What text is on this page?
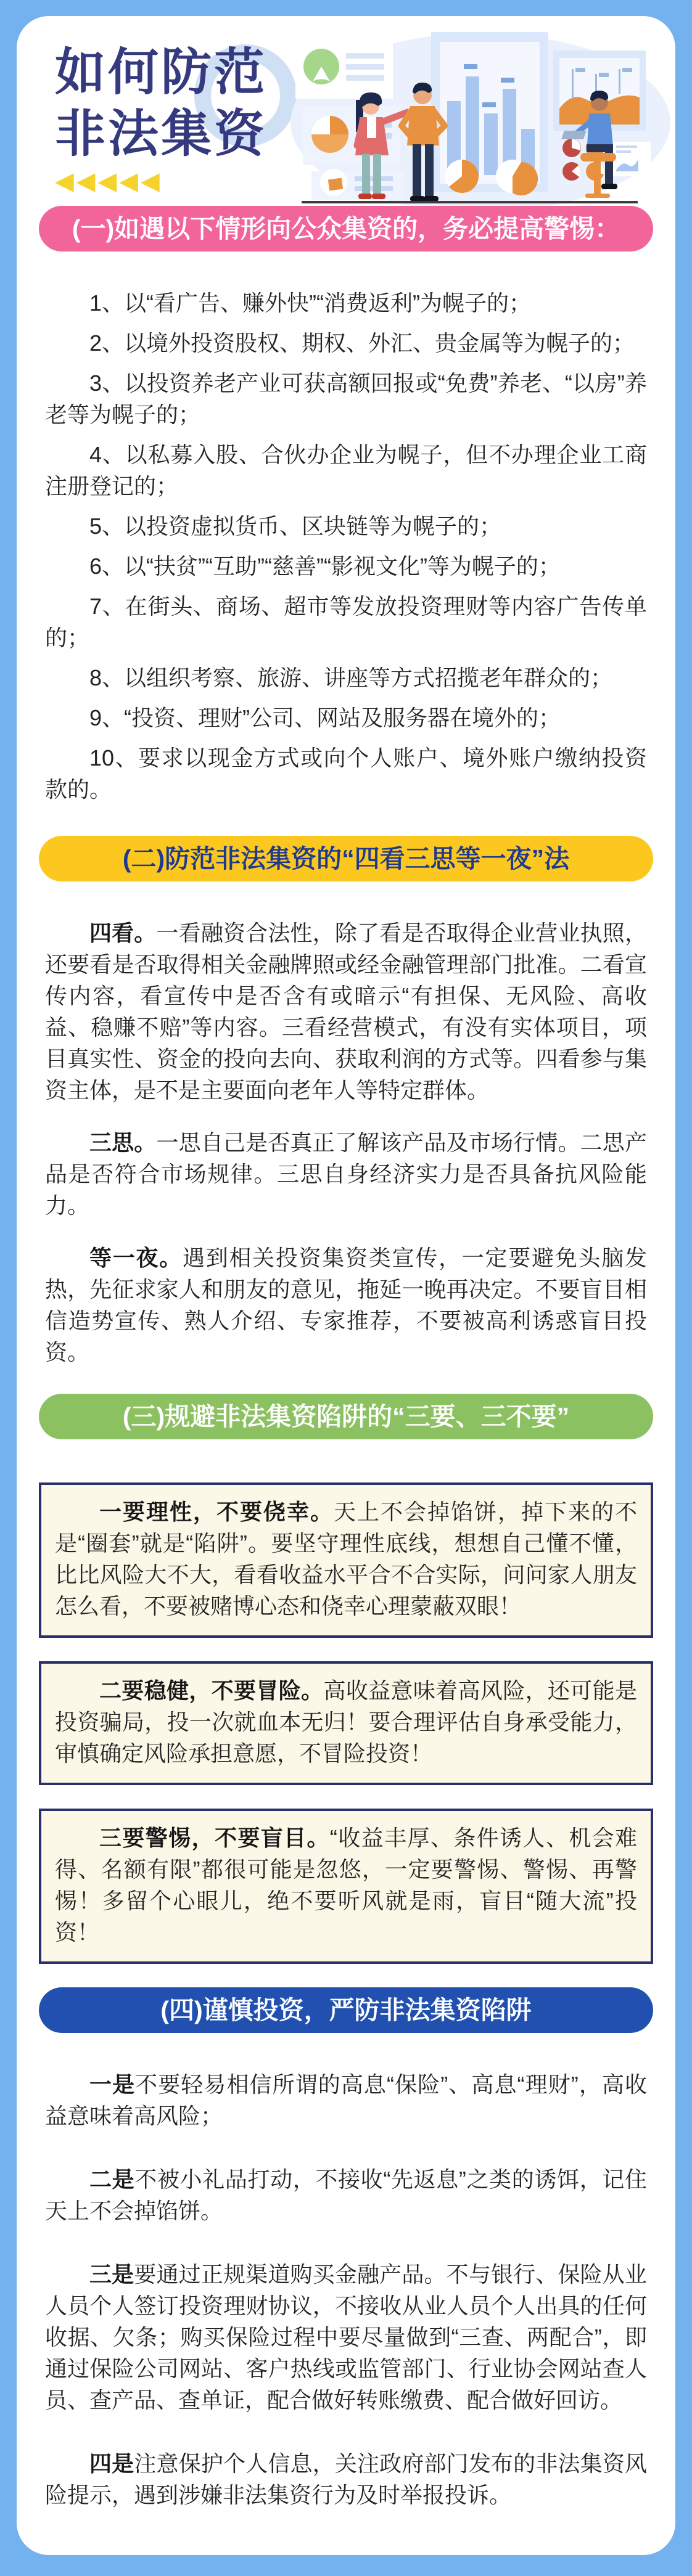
如何防范
非法集资
◀◀◀◀◀
(一)如遇以下情形向公众集资的，务必提高警惕：

1、以“看广告、赚外快”“消费返利”为幌子的；

2、以境外投资股权、期权、外汇、贵金属等为幌子的；

3、以投资养老产业可获高额回报或“免费”养老、“以房”养老等为幌子的；

4、以私募入股、合伙办企业为幌子，但不办理企业工商注册登记的；

5、以投资虚拟货币、区块链等为幌子的；

6、以“扶贫”“互助”“慈善”“影视文化”等为幌子的；

7、在街头、商场、超市等发放投资理财等内容广告传单的；

8、以组织考察、旅游、讲座等方式招揽老年群众的；

9、“投资、理财”公司、网站及服务器在境外的；

10、要求以现金方式或向个人账户、境外账户缴纳投资款的。

(二)防范非法集资的“四看三思等一夜”法

四看。一看融资合法性，除了看是否取得企业营业执照，还要看是否取得相关金融牌照或经金融管理部门批准。二看宣传内容，看宣传中是否含有或暗示“有担保、无风险、高收益、稳赚不赔”等内容。三看经营模式，有没有实体项目，项目真实性、资金的投向去向、获取利润的方式等。四看参与集资主体，是不是主要面向老年人等特定群体。

三思。一思自己是否真正了解该产品及市场行情。二思产品是否符合市场规律。三思自身经济实力是否具备抗风险能力。

等一夜。遇到相关投资集资类宣传，一定要避免头脑发热，先征求家人和朋友的意见，拖延一晚再决定。不要盲目相信造势宣传、熟人介绍、专家推荐，不要被高利诱惑盲目投资。

(三)规避非法集资陷阱的“三要、三不要”

一要理性，不要侥幸。天上不会掉馅饼，掉下来的不是“圈套”就是“陷阱”。要坚守理性底线，想想自己懂不懂，比比风险大不大，看看收益水平合不合实际，问问家人朋友怎么看，不要被赌博心态和侥幸心理蒙蔽双眼！

二要稳健，不要冒险。高收益意味着高风险，还可能是投资骗局，投一次就血本无归！要合理评估自身承受能力，审慎确定风险承担意愿，不冒险投资！

三要警惕，不要盲目。“收益丰厚、条件诱人、机会难得、名额有限”都很可能是忽悠，一定要警惕、警惕、再警惕！多留个心眼儿，绝不要听风就是雨，盲目“随大流”投资！

(四)谨慎投资，严防非法集资陷阱

一是不要轻易相信所谓的高息“保险”、高息“理财”，高收益意味着高风险；

二是不被小礼品打动，不接收“先返息”之类的诱饵，记住天上不会掉馅饼。

三是要通过正规渠道购买金融产品。不与银行、保险从业人员个人签订投资理财协议，不接收从业人员个人出具的任何收据、欠条；购买保险过程中要尽量做到“三查、两配合”，即通过保险公司网站、客户热线或监管部门、行业协会网站查人员、查产品、查单证，配合做好转账缴费、配合做好回访。

四是注意保护个人信息，关注政府部门发布的非法集资风险提示，遇到涉嫌非法集资行为及时举报投诉。
